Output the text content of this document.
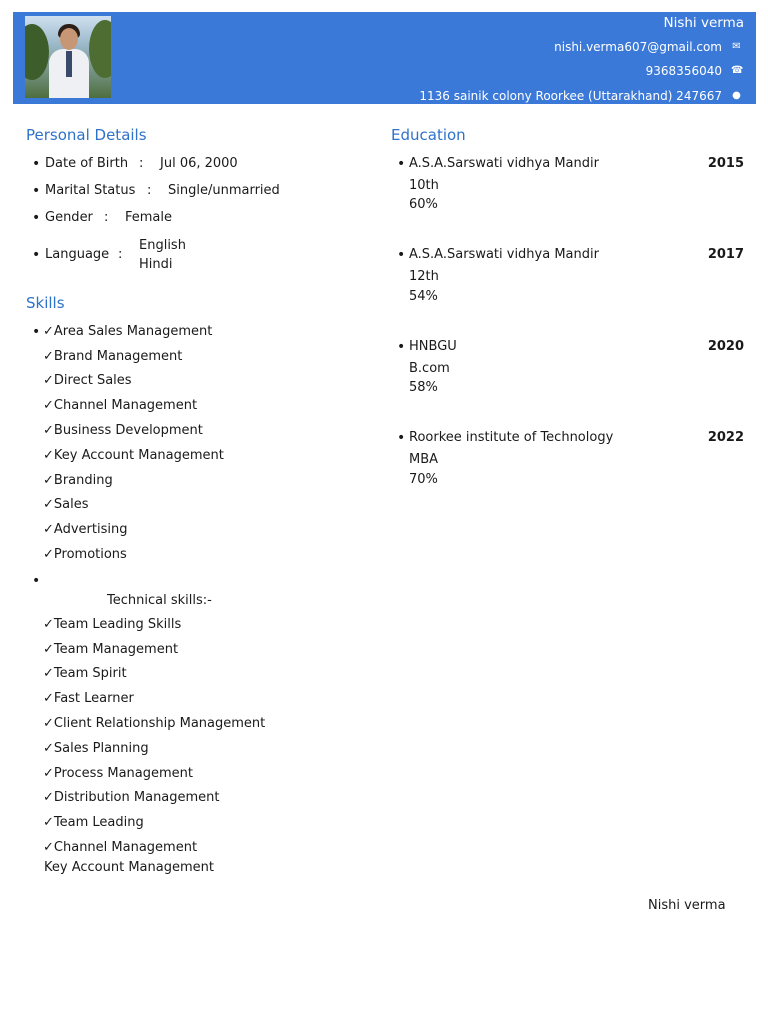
Nishi verma
nishi.verma607@gmail.com ✉
9368356040 ☎
1136 sainik colony Roorkee (Uttarakhand) 247667 ●
Personal Details
• Date of Birth : Jul 06, 2000
• Marital Status : Single/unmarried
• Gender : Female
• Language :
English
Hindi
Skills
• ✓Area Sales Management
✓Brand Management
✓Direct Sales
✓Channel Management
✓Business Development
✓Key Account Management
✓Branding
✓Sales
✓Advertising
✓Promotions
•
Technical skills:-
✓Team Leading Skills
✓Team Management
✓Team Spirit
✓Fast Learner
✓Client Relationship Management
✓Sales Planning
✓Process Management
✓Distribution Management
✓Team Leading
✓Channel Management
Key Account Management
Education
• A.S.A.Sarswati vidhya Mandir	2015
10th
60%
• A.S.A.Sarswati vidhya Mandir	2017
12th
54%
• HNBGU	2020
B.com
58%
• Roorkee institute of Technology	2022
MBA
70%
Nishi verma
